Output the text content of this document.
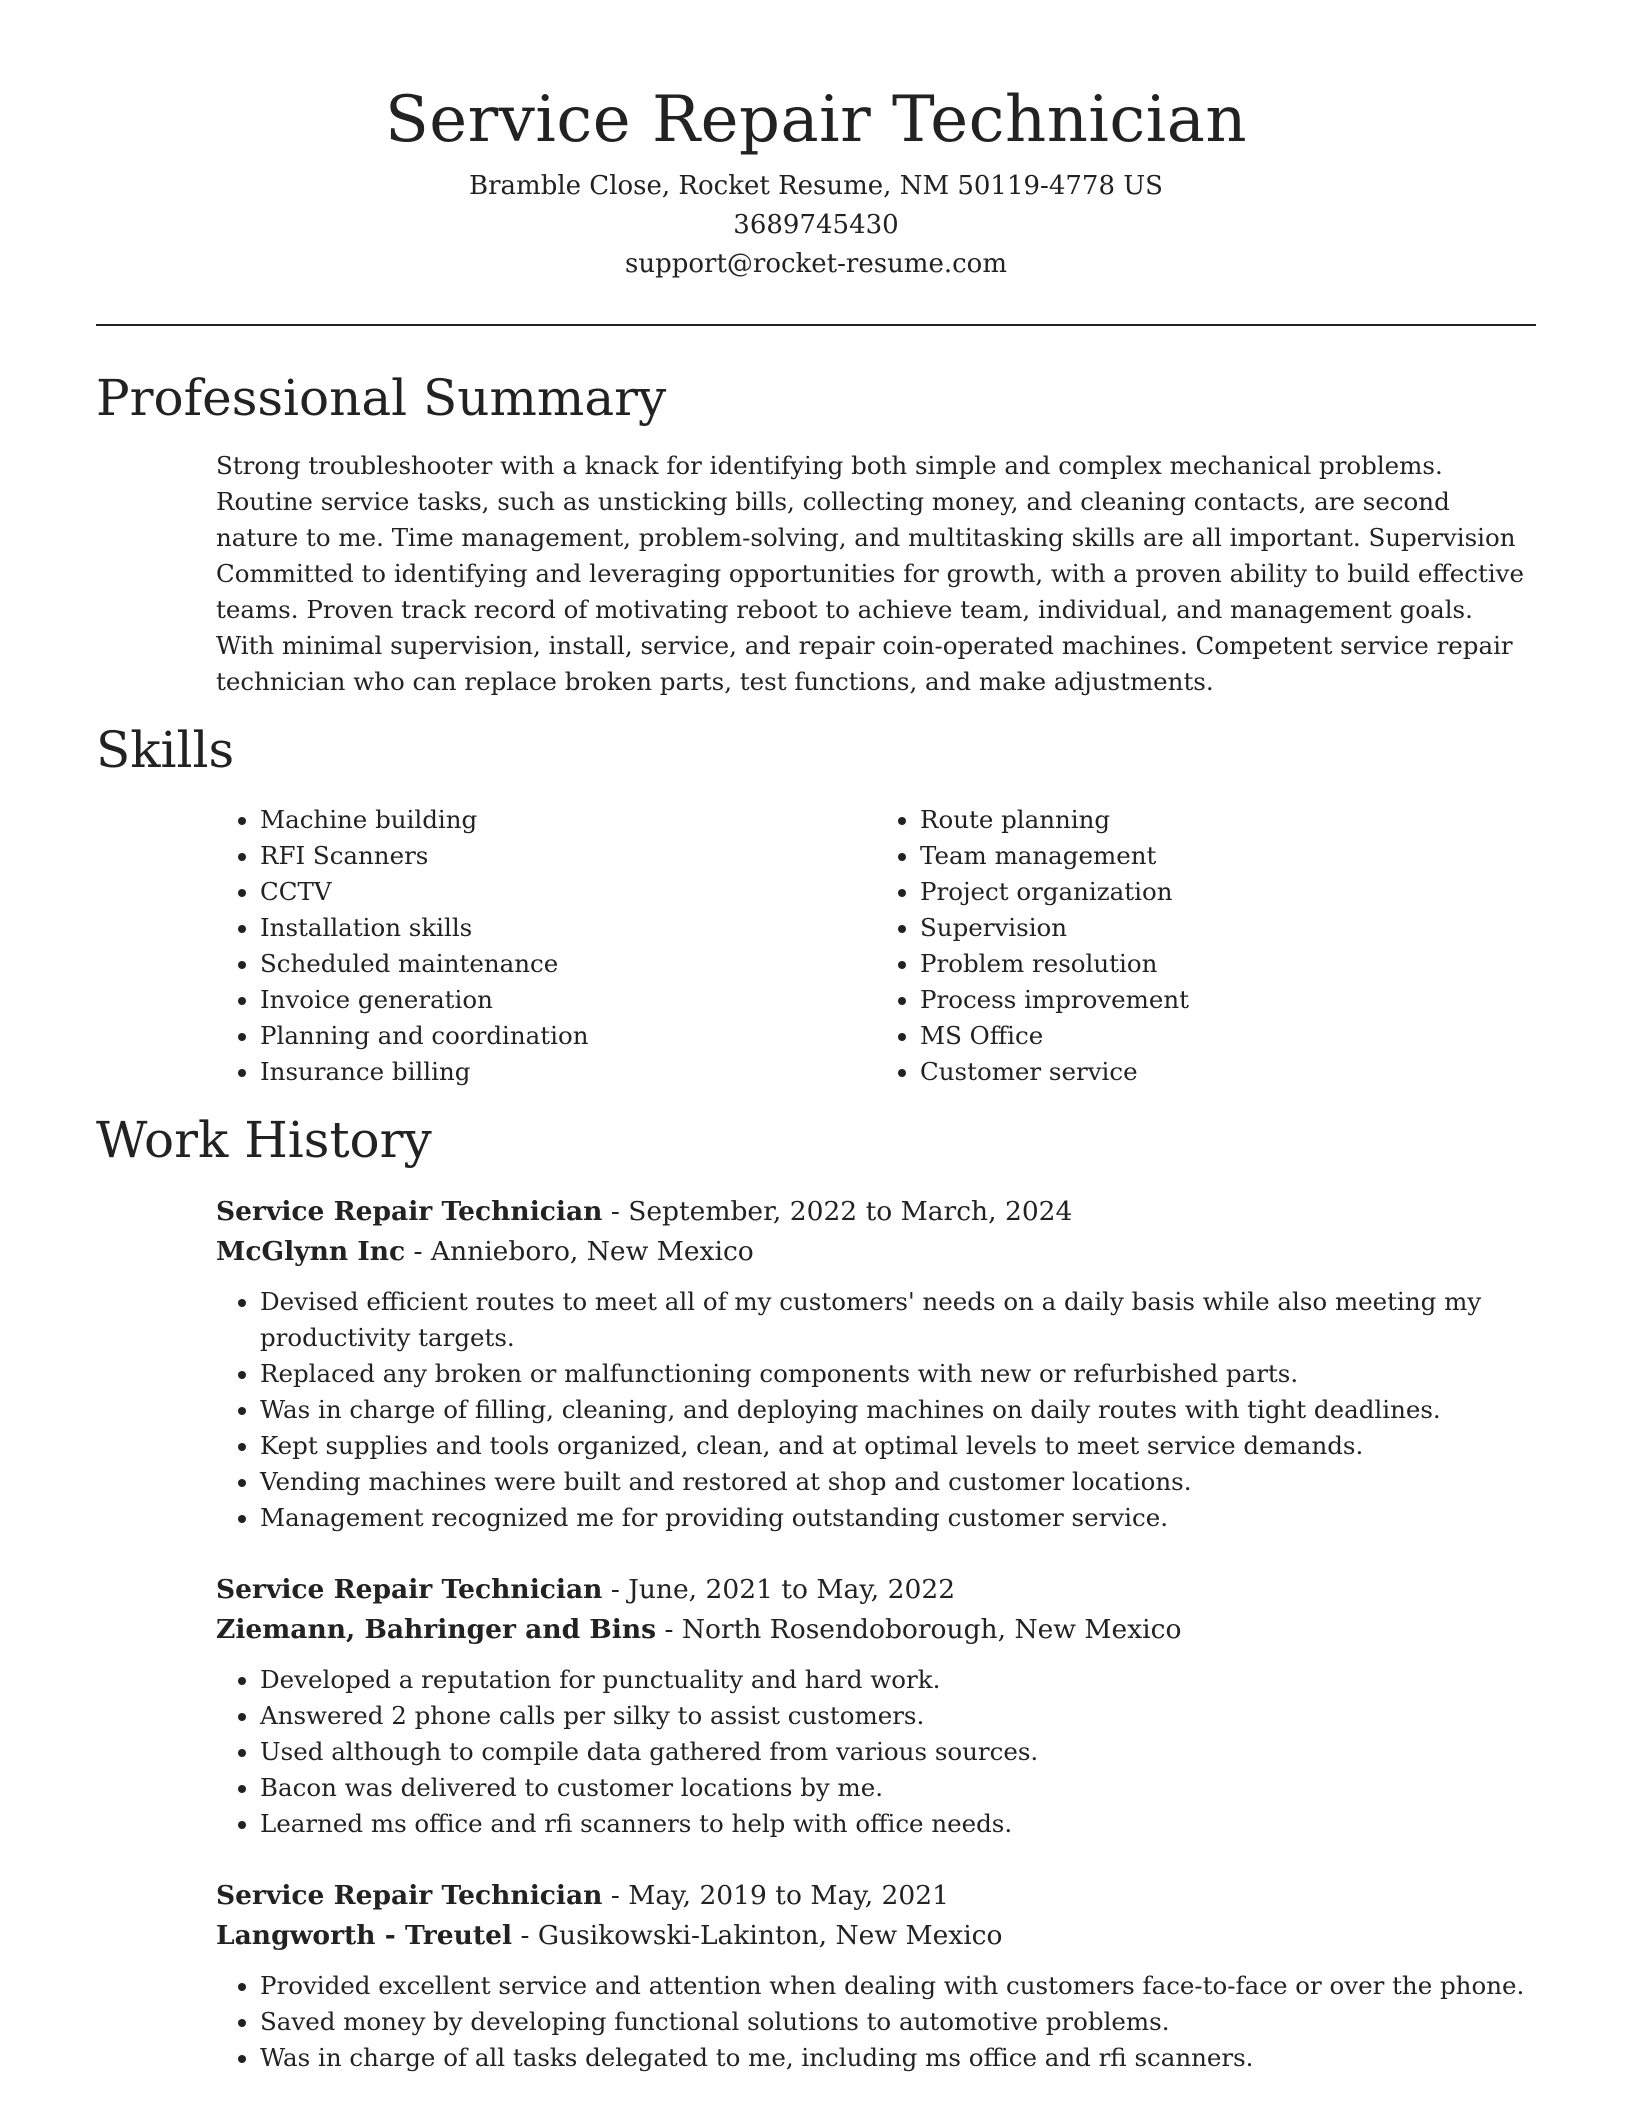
Service Repair Technician
Bramble Close, Rocket Resume, NM 50119-4778 US
3689745430
support@rocket-resume.com
Professional Summary

Strong troubleshooter with a knack for identifying both simple and complex mechanical problems. Routine service tasks, such as unsticking bills, collecting money, and cleaning contacts, are second nature to me. Time management, problem-solving, and multitasking skills are all important. Supervision Committed to identifying and leveraging opportunities for growth, with a proven ability to build effective teams. Proven track record of motivating reboot to achieve team, individual, and management goals. With minimal supervision, install, service, and repair coin-operated machines. Competent service repair technician who can replace broken parts, test functions, and make adjustments.

Skills
• Machine building
• RFI Scanners
• CCTV
• Installation skills
• Scheduled maintenance
• Invoice generation
• Planning and coordination
• Insurance billing
• Route planning
• Team management
• Project organization
• Supervision
• Problem resolution
• Process improvement
• MS Office
• Customer service
Work History
Service Repair Technician - September, 2022 to March, 2024
McGlynn Inc - Annieboro, New Mexico
• Devised efficient routes to meet all of my customers' needs on a daily basis while also meeting my productivity targets.
• Replaced any broken or malfunctioning components with new or refurbished parts.
• Was in charge of filling, cleaning, and deploying machines on daily routes with tight deadlines.
• Kept supplies and tools organized, clean, and at optimal levels to meet service demands.
• Vending machines were built and restored at shop and customer locations.
• Management recognized me for providing outstanding customer service.
Service Repair Technician - June, 2021 to May, 2022
Ziemann, Bahringer and Bins - North Rosendoborough, New Mexico
• Developed a reputation for punctuality and hard work.
• Answered 2 phone calls per silky to assist customers.
• Used although to compile data gathered from various sources.
• Bacon was delivered to customer locations by me.
• Learned ms office and rfi scanners to help with office needs.
Service Repair Technician - May, 2019 to May, 2021
Langworth - Treutel - Gusikowski-Lakinton, New Mexico
• Provided excellent service and attention when dealing with customers face-to-face or over the phone.
• Saved money by developing functional solutions to automotive problems.
• Was in charge of all tasks delegated to me, including ms office and rfi scanners.
